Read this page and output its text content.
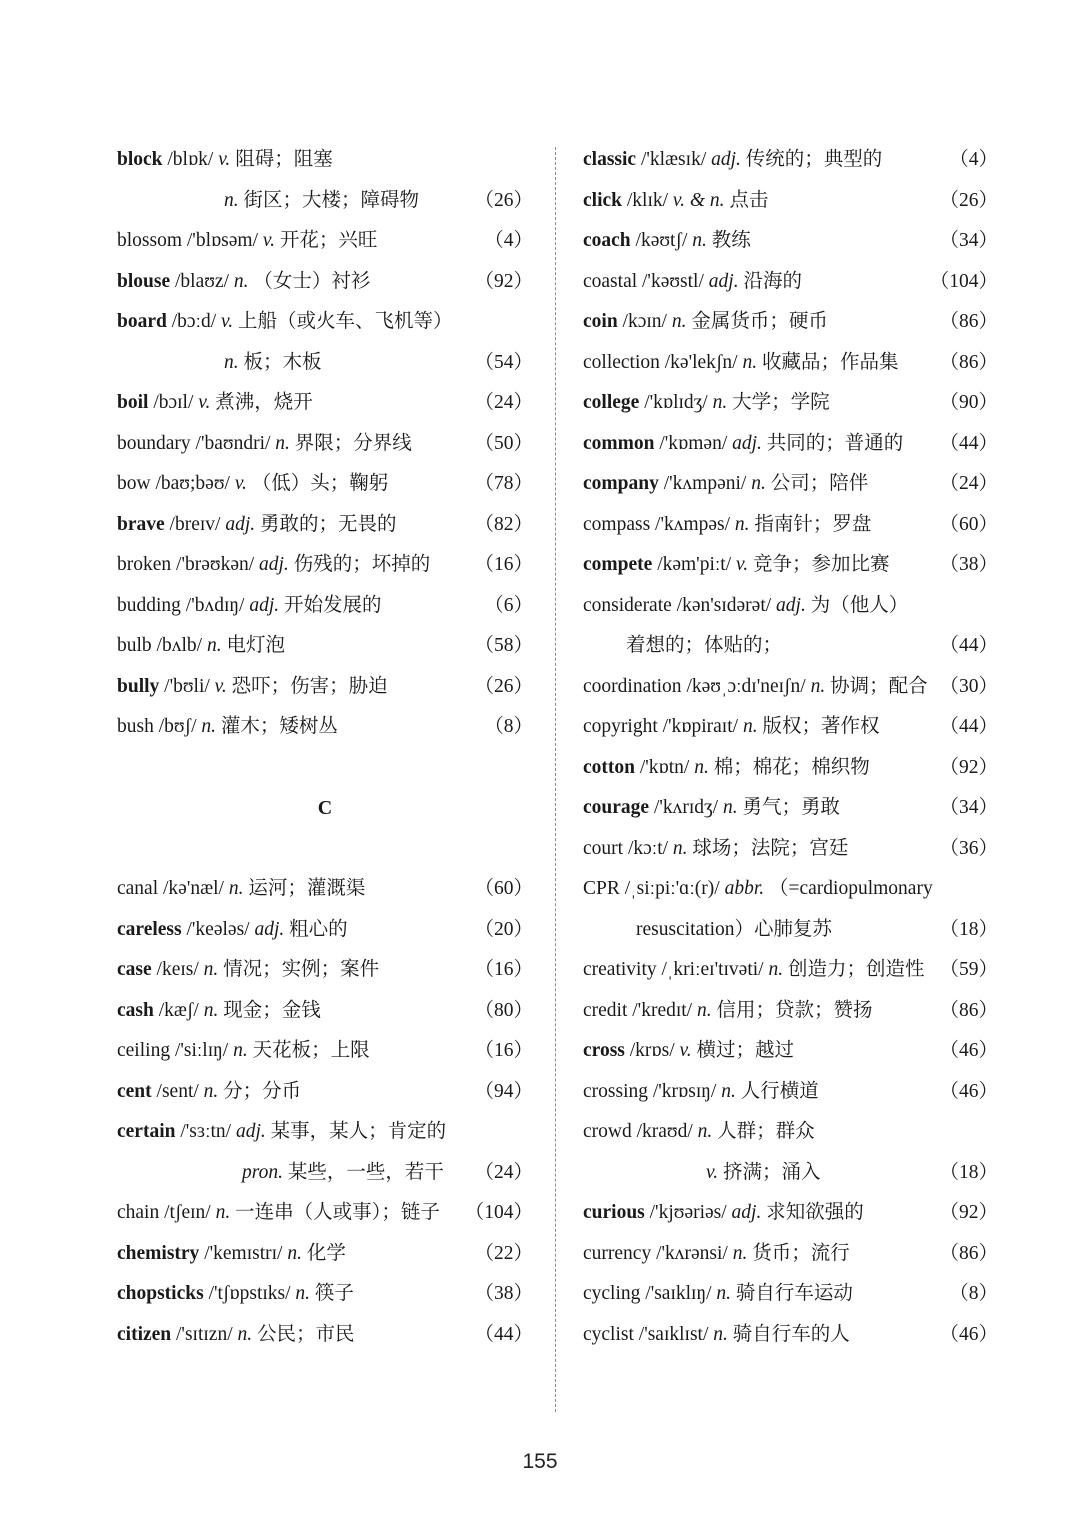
block /blɒk/ v. 阻碍；阻塞
n. 街区；大楼；障碍物	（26）
blossom /'blɒsəm/ v. 开花；兴旺	（4）
blouse /blaʊz/ n. （女士）衬衫	（92）
board /bɔːd/ v. 上船（或火车、飞机等）
n. 板；木板	（54）
boil /bɔɪl/ v. 煮沸，烧开	（24）
boundary /'baʊndri/ n. 界限；分界线	（50）
bow /baʊ;bəʊ/ v. （低）头；鞠躬	（78）
brave /breɪv/ adj. 勇敢的；无畏的	（82）
broken /'brəʊkən/ adj. 伤残的；坏掉的 （16）
budding /'bʌdɪŋ/ adj. 开始发展的	（6）
bulb /bʌlb/ n. 电灯泡	（58）
bully /'bʊli/ v. 恐吓；伤害；胁迫	（26）
bush /bʊʃ/ n. 灌木；矮树丛	（8）
C
canal /kə'næl/ n. 运河；灌溉渠	（60）
careless /'keələs/ adj. 粗心的	（20）
case /keɪs/ n. 情况；实例；案件	（16）
cash /kæʃ/ n. 现金；金钱	（80）
ceiling /'siːlɪŋ/ n. 天花板；上限	（16）
cent /sent/ n. 分；分币	（94）
certain /'sɜːtn/ adj. 某事，某人；肯定的
pron. 某些，一些，若干 （24）
chain /tʃeɪn/ n. 一连串（人或事）；链子 （104）
chemistry /'kemɪstrɪ/ n. 化学	（22）
chopsticks /'tʃɒpstɪks/ n. 筷子	（38）
citizen /'sɪtɪzn/ n. 公民；市民	（44）
classic /'klæsɪk/ adj. 传统的；典型的	（4）
click /klɪk/ v. & n. 点击	（26）
coach /kəʊtʃ/ n. 教练	（34）
coastal /'kəʊstl/ adj. 沿海的	（104）
coin /kɔɪn/ n. 金属货币；硬币	（86）
collection /kə'lekʃn/ n. 收藏品；作品集 （86）
college /'kɒlɪdʒ/ n. 大学；学院	（90）
common /'kɒmən/ adj. 共同的；普通的 （44）
company /'kʌmpəni/ n. 公司；陪伴	（24）
compass /'kʌmpəs/ n. 指南针；罗盘	（60）
compete /kəm'piːt/ v. 竞争；参加比赛	（38）
considerate /kən'sɪdərət/ adj. 为（他人）
着想的；体贴的；	（44）
coordination /kəʊˌɔːdɪ'neɪʃn/ n. 协调；配合 （30）
copyright /'kɒpiraɪt/ n. 版权；著作权	（44）
cotton /'kɒtn/ n. 棉；棉花；棉织物	（92）
courage /'kʌrɪdʒ/ n. 勇气；勇敢	（34）
court /kɔːt/ n. 球场；法院；宫廷	（36）
CPR /ˌsiːpiː'ɑː(r)/ abbr. （=cardiopulmonary
resuscitation）心肺复苏	（18）
creativity /ˌkriːeɪ'tɪvəti/ n. 创造力；创造性 （59）
credit /'kredɪt/ n. 信用；贷款；赞扬	（86）
cross /krɒs/ v. 横过；越过	（46）
crossing /'krɒsɪŋ/ n. 人行横道	（46）
crowd /kraʊd/ n. 人群；群众
v. 挤满；涌入	（18）
curious /'kjʊəriəs/ adj. 求知欲强的	（92）
currency /'kʌrənsi/ n. 货币；流行	（86）
cycling /'saɪklɪŋ/ n. 骑自行车运动	（8）
cyclist /'saɪklɪst/ n. 骑自行车的人	（46）
155
